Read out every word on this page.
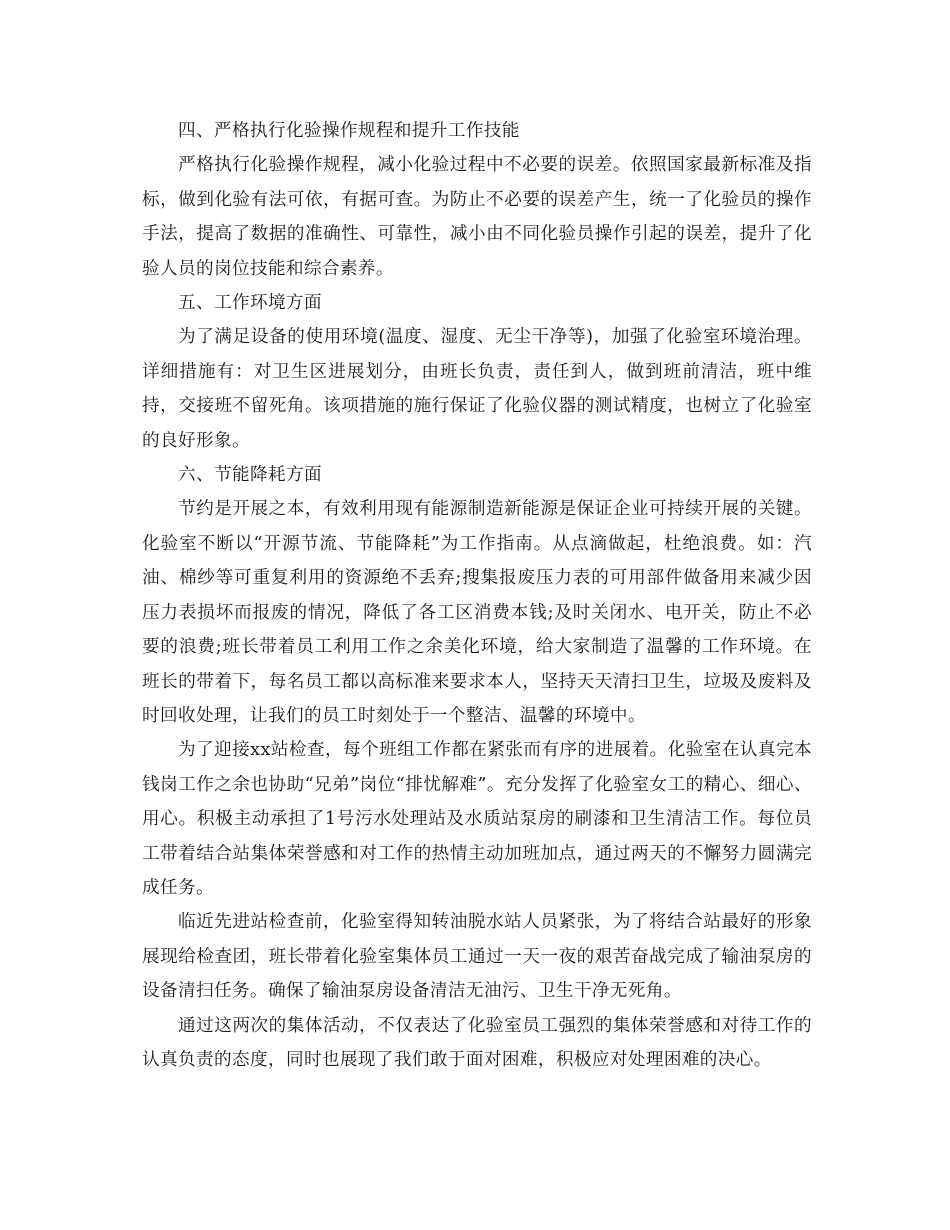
四、严格执行化验操作规程和提升工作技能

严格执行化验操作规程，减小化验过程中不必要的误差。依照国家最新标准及指标，做到化验有法可依，有据可查。为防止不必要的误差产生，统一了化验员的操作手法，提高了数据的准确性、可靠性，减小由不同化验员操作引起的误差，提升了化验人员的岗位技能和综合素养。

五、工作环境方面

为了满足设备的使用环境(温度、湿度、无尘干净等)，加强了化验室环境治理。详细措施有：对卫生区进展划分，由班长负责，责任到人，做到班前清洁，班中维持，交接班不留死角。该项措施的施行保证了化验仪器的测试精度，也树立了化验室的良好形象。

六、节能降耗方面

节约是开展之本，有效利用现有能源制造新能源是保证企业可持续开展的关键。化验室不断以“开源节流、节能降耗”为工作指南。从点滴做起，杜绝浪费。如：汽油、棉纱等可重复利用的资源绝不丢弃;搜集报废压力表的可用部件做备用来减少因压力表损坏而报废的情况，降低了各工区消费本钱;及时关闭水、电开关，防止不必要的浪费;班长带着员工利用工作之余美化环境，给大家制造了温馨的工作环境。在班长的带着下，每名员工都以高标准来要求本人，坚持天天清扫卫生，垃圾及废料及时回收处理，让我们的员工时刻处于一个整洁、温馨的环境中。

为了迎接xx站检查，每个班组工作都在紧张而有序的进展着。化验室在认真完本钱岗工作之余也协助“兄弟”岗位“排忧解难”。充分发挥了化验室女工的精心、细心、用心。积极主动承担了1号污水处理站及水质站泵房的刷漆和卫生清洁工作。每位员工带着结合站集体荣誉感和对工作的热情主动加班加点，通过两天的不懈努力圆满完成任务。

临近先进站检查前，化验室得知转油脱水站人员紧张，为了将结合站最好的形象展现给检查团，班长带着化验室集体员工通过一天一夜的艰苦奋战完成了输油泵房的设备清扫任务。确保了输油泵房设备清洁无油污、卫生干净无死角。

通过这两次的集体活动，不仅表达了化验室员工强烈的集体荣誉感和对待工作的认真负责的态度，同时也展现了我们敢于面对困难，积极应对处理困难的决心。
